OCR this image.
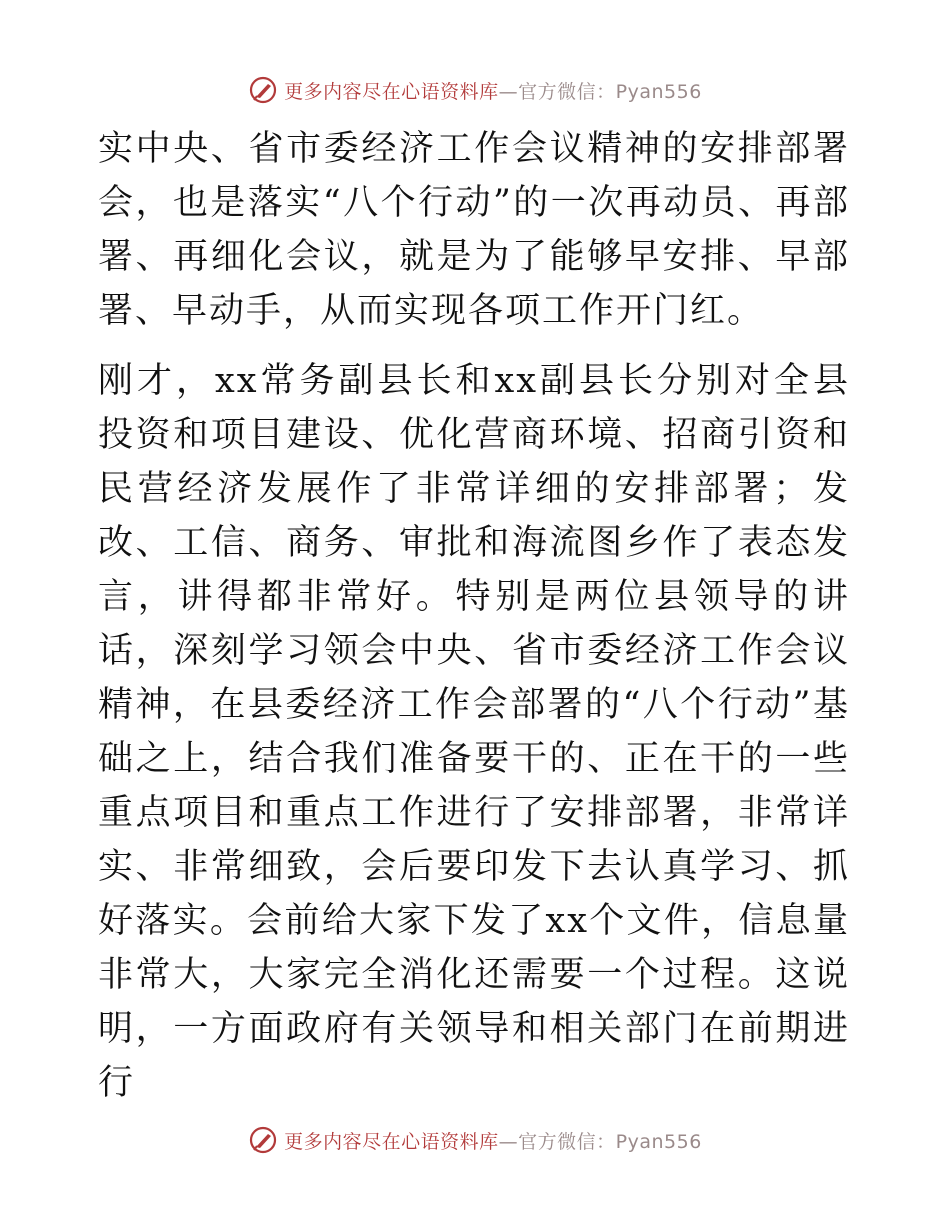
更多内容尽在心语资料库—官方微信：Pyan556

实中央、省市委经济工作会议精神的安排部署会，也是落实“八个行动”的一次再动员、再部署、再细化会议，就是为了能够早安排、早部署、早动手，从而实现各项工作开门红。

刚才，xx常务副县长和xx副县长分别对全县投资和项目建设、优化营商环境、招商引资和民营经济发展作了非常详细的安排部署；发改、工信、商务、审批和海流图乡作了表态发言，讲得都非常好。特别是两位县领导的讲话，深刻学习领会中央、省市委经济工作会议精神，在县委经济工作会部署的“八个行动”基础之上，结合我们准备要干的、正在干的一些重点项目和重点工作进行了安排部署，非常详实、非常细致，会后要印发下去认真学习、抓好落实。会前给大家下发了xx个文件，信息量非常大，大家完全消化还需要一个过程。这说明，一方面政府有关领导和相关部门在前期进行

更多内容尽在心语资料库—官方微信：Pyan556
